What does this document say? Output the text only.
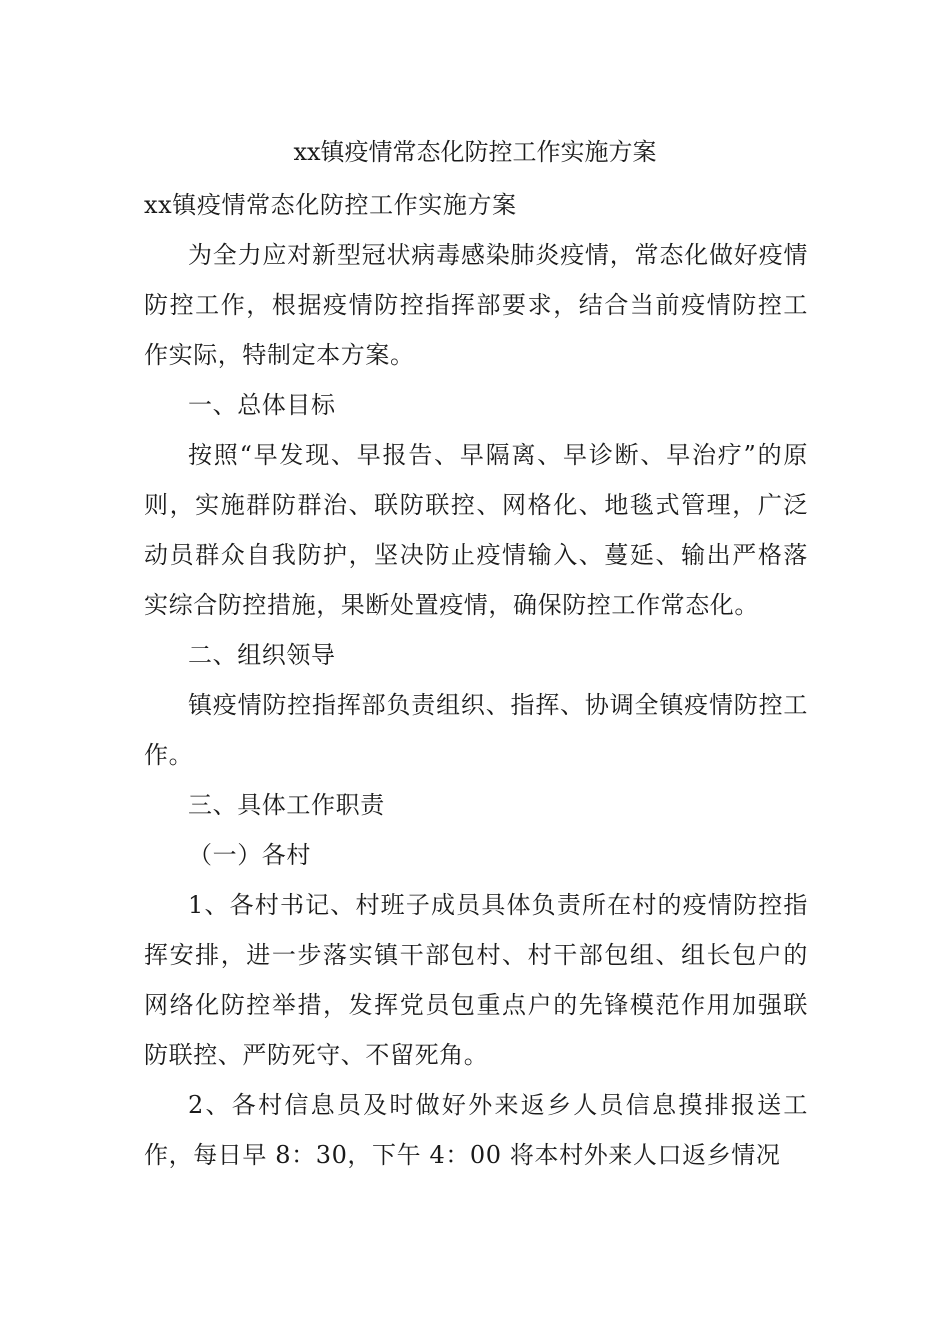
xx镇疫情常态化防控工作实施方案

xx镇疫情常态化防控工作实施方案

为全力应对新型冠状病毒感染肺炎疫情，常态化做好疫情防控工作，根据疫情防控指挥部要求，结合当前疫情防控工作实际，特制定本方案。

一、总体目标

按照“早发现、早报告、早隔离、早诊断、早治疗”的原则，实施群防群治、联防联控、网格化、地毯式管理，广泛动员群众自我防护，坚决防止疫情输入、蔓延、输出严格落实综合防控措施，果断处置疫情，确保防控工作常态化。

二、组织领导

镇疫情防控指挥部负责组织、指挥、协调全镇疫情防控工作。

三、具体工作职责

（一）各村

1、各村书记、村班子成员具体负责所在村的疫情防控指挥安排，进一步落实镇干部包村、村干部包组、组长包户的网络化防控举措，发挥党员包重点户的先锋模范作用加强联防联控、严防死守、不留死角。

2、各村信息员及时做好外来返乡人员信息摸排报送工作，每日早 8：30，下午 4：00 将本村外来人口返乡情况
